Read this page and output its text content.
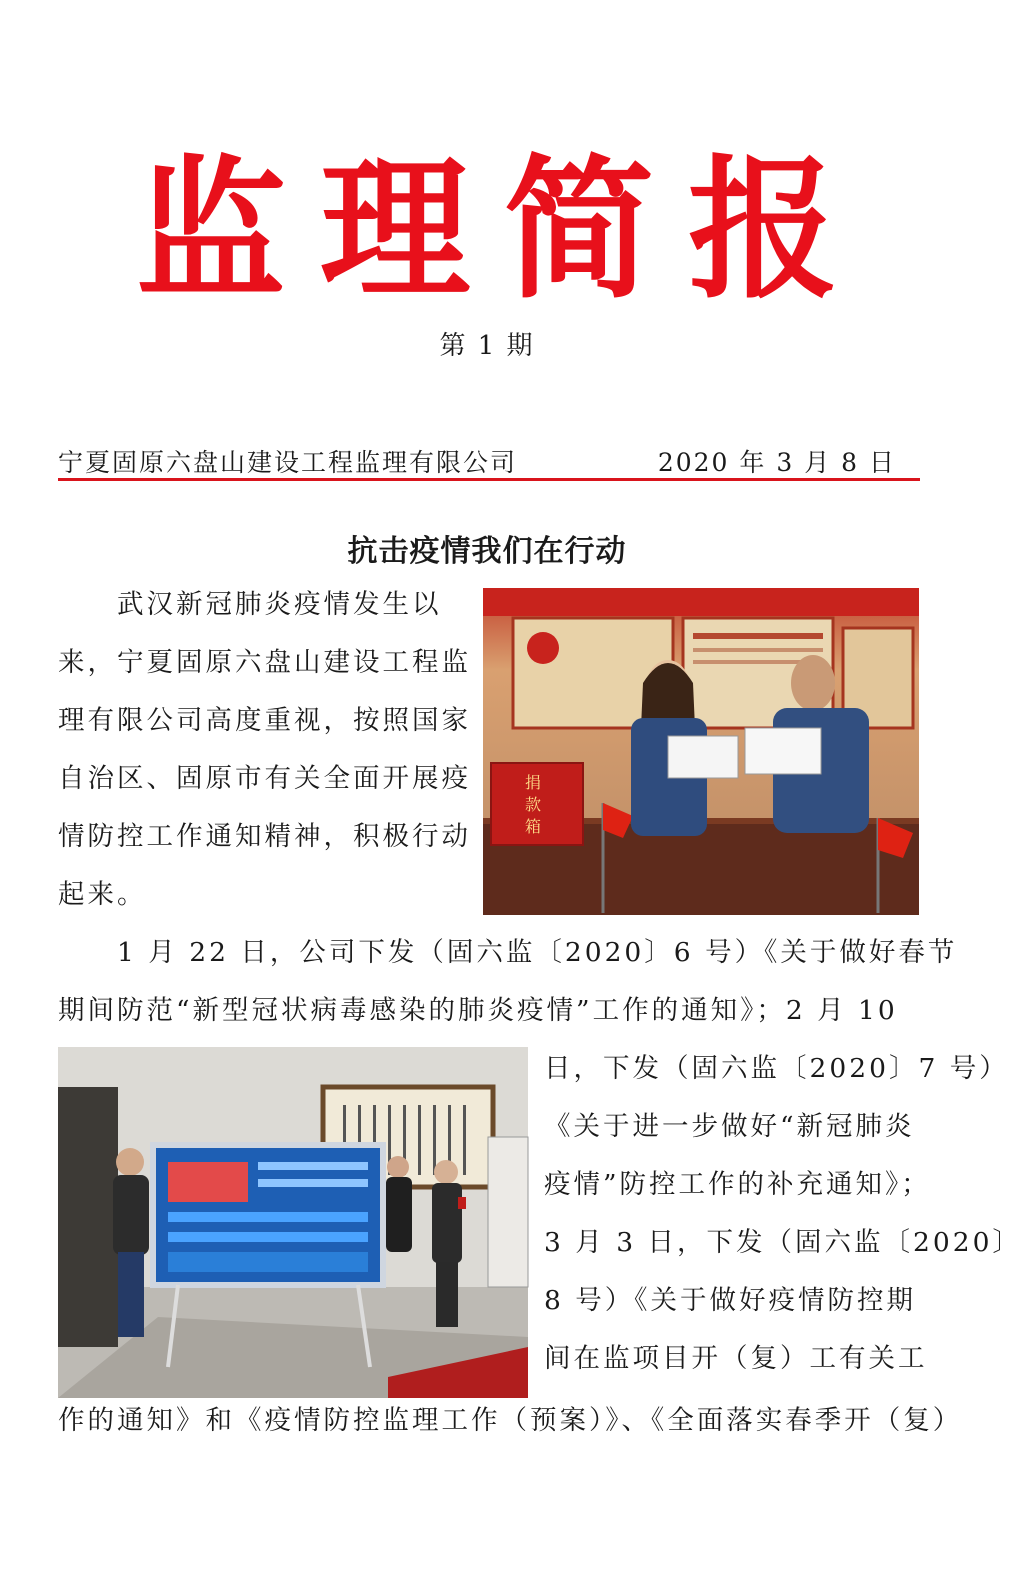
监理简报
第 1 期
宁夏固原六盘山建设工程监理有限公司	2020 年 3 月 8 日
抗击疫情我们在行动
　　武汉新冠肺炎疫情发生以
来，宁夏固原六盘山建设工程监
理有限公司高度重视，按照国家
自治区、固原市有关全面开展疫
情防控工作通知精神，积极行动
起来。
捐
款
箱
　　1 月 22 日，公司下发（固六监〔2020〕6 号）《关于做好春节
期间防范“新型冠状病毒感染的肺炎疫情”工作的通知》；2 月 10
日，下发（固六监〔2020〕7 号）
《关于进一步做好“新冠肺炎
疫情”防控工作的补充通知》；
3 月 3 日，下发（固六监〔2020〕
8 号）《关于做好疫情防控期
间在监项目开（复）工有关工
作的通知》和《疫情防控监理工作（预案）》、《全面落实春季开（复）
